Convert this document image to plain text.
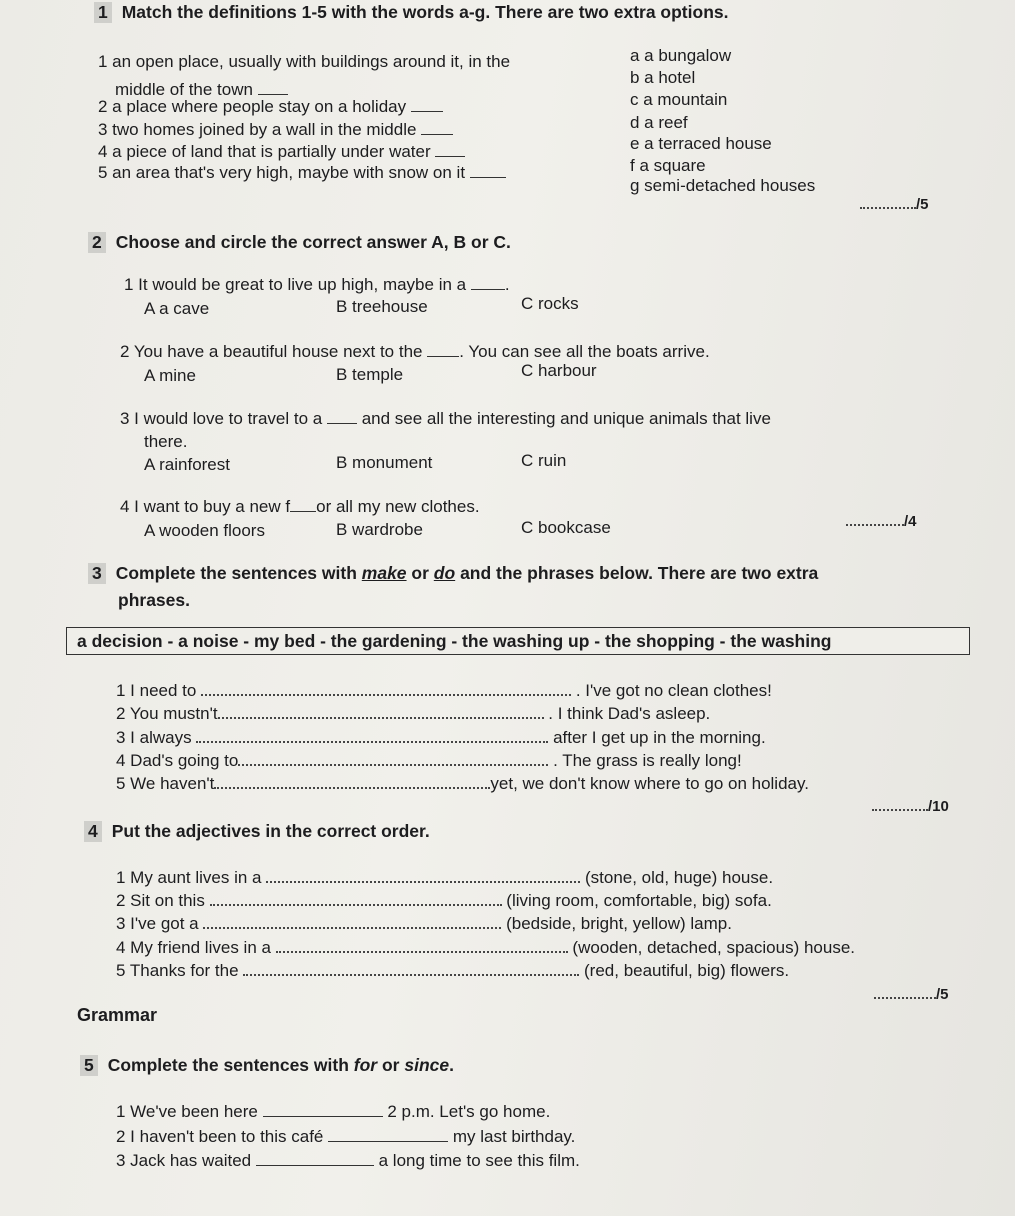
1 Match the definitions 1-5 with the words a-g. There are two extra options.
1 an open place, usually with buildings around it, in the
middle of the town
2 a place where people stay on a holiday
3 two homes joined by a wall in the middle
4 a piece of land that is partially under water
5 an area that's very high, maybe with snow on it
a a bungalow
b a hotel
c a mountain
d a reef
e a terraced house
f a square
g semi-detached houses
/5
2 Choose and circle the correct answer A, B or C.
1 It would be great to live up high, maybe in a .
A a cave	B treehouse	C rocks
2 You have a beautiful house next to the . You can see all the boats arrive.
A mine	B temple	C harbour
3 I would love to travel to a and see all the interesting and unique animals that live
there.
A rainforest	B monument	C ruin
4 I want to buy a new f or all my new clothes.
A wooden floors	B wardrobe	C bookcase	/4
3 Complete the sentences with make or do and the phrases below. There are two extra
phrases.
a decision - a noise - my bed - the gardening - the washing up - the shopping - the washing
1 I need to	. I've got no clean clothes!
2 You mustn't	. I think Dad's asleep.
3 I always	after I get up in the morning.
4 Dad's going to	. The grass is really long!
5 We haven't	yet, we don't know where to go on holiday.
/10
4 Put the adjectives in the correct order.
1 My aunt lives in a	(stone, old, huge) house.
2 Sit on this	(living room, comfortable, big) sofa.
3 I've got a	(bedside, bright, yellow) lamp.
4 My friend lives in a	(wooden, detached, spacious) house.
5 Thanks for the	(red, beautiful, big) flowers.
/5
Grammar
5 Complete the sentences with for or since.
1 We've been here	2 p.m. Let's go home.
2 I haven't been to this café	my last birthday.
3 Jack has waited	a long time to see this film.
